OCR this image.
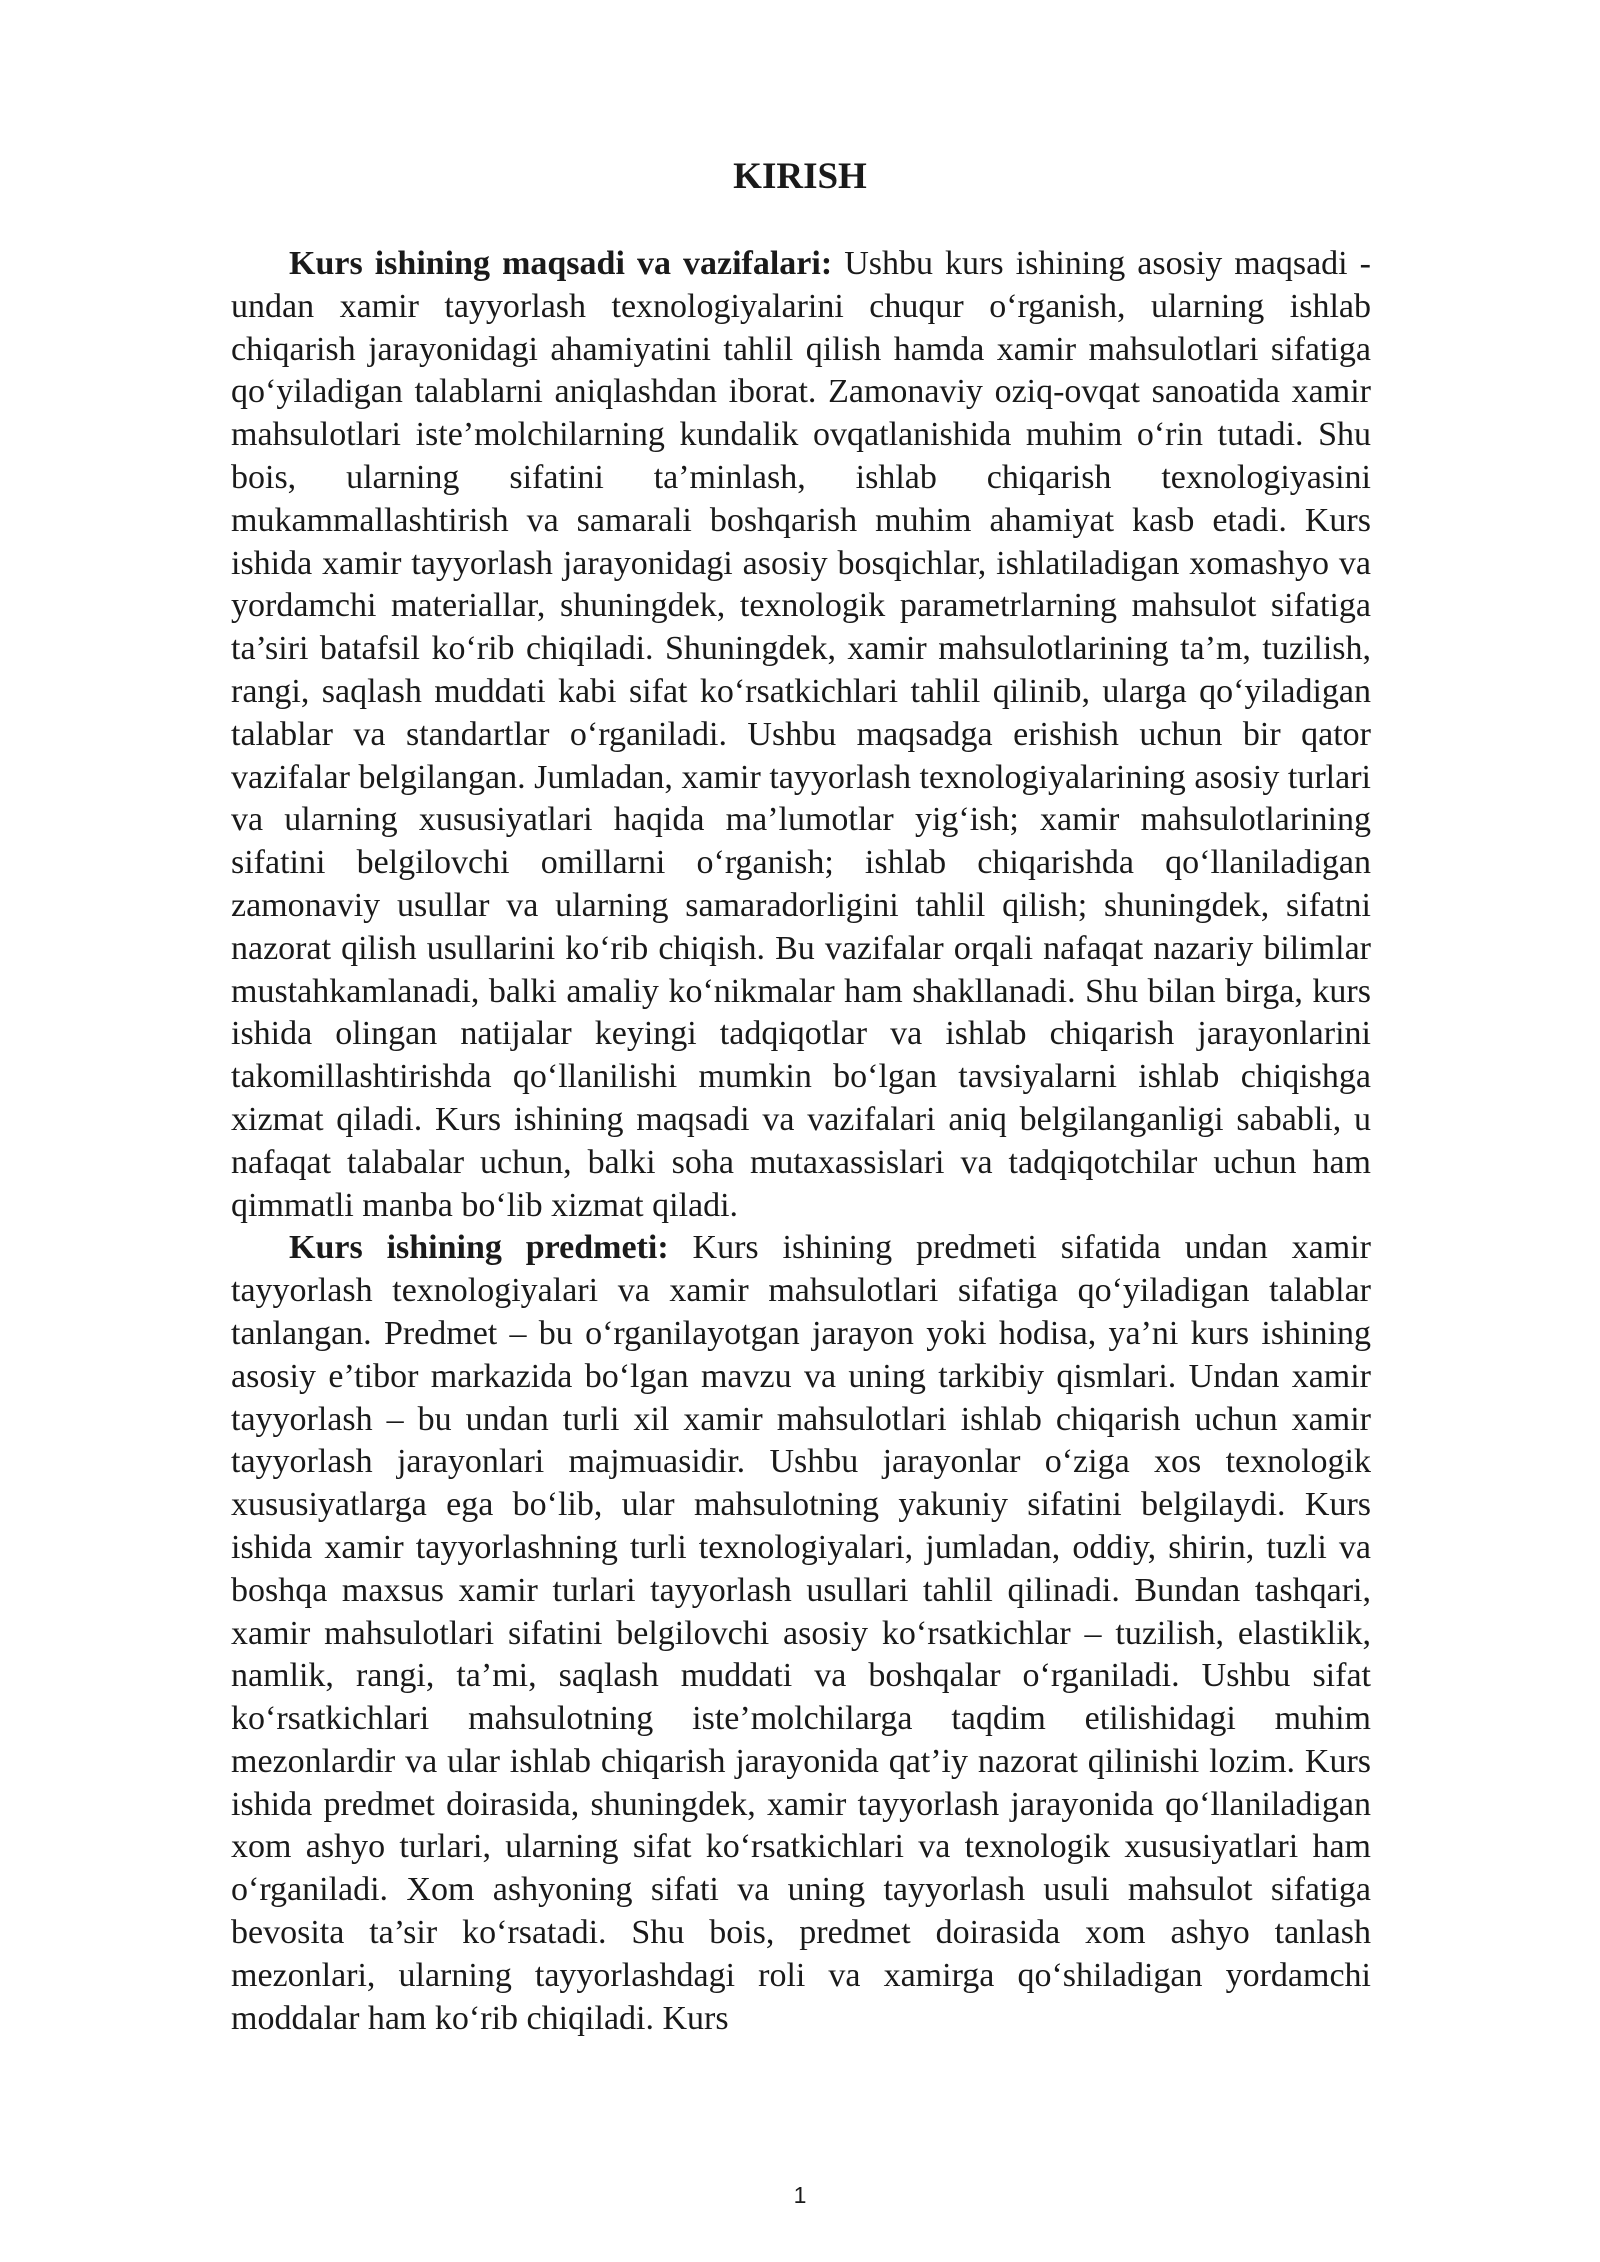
KIRISH

Kurs ishining maqsadi va vazifalari: Ushbu kurs ishining asosiy maqsadi - undan xamir tayyorlash texnologiyalarini chuqur o‘rganish, ularning ishlab chiqarish jarayonidagi ahamiyatini tahlil qilish hamda xamir mahsulotlari sifatiga qo‘yiladigan talablarni aniqlashdan iborat. Zamonaviy oziq-ovqat sanoatida xamir mahsulotlari iste’molchilarning kundalik ovqatlanishida muhim o‘rin tutadi. Shu bois, ularning sifatini ta’minlash, ishlab chiqarish texnologiyasini mukammallashtirish va samarali boshqarish muhim ahamiyat kasb etadi. Kurs ishida xamir tayyorlash jarayonidagi asosiy bosqichlar, ishlatiladigan xomashyo va yordamchi materiallar, shuningdek, texnologik parametrlarning mahsulot sifatiga ta’siri batafsil ko‘rib chiqiladi. Shuningdek, xamir mahsulotlarining ta’m, tuzilish, rangi, saqlash muddati kabi sifat ko‘rsatkichlari tahlil qilinib, ularga qo‘yiladigan talablar va standartlar o‘rganiladi. Ushbu maqsadga erishish uchun bir qator vazifalar belgilangan. Jumladan, xamir tayyorlash texnologiyalarining asosiy turlari va ularning xususiyatlari haqida ma’lumotlar yig‘ish; xamir mahsulotlarining sifatini belgilovchi omillarni o‘rganish; ishlab chiqarishda qo‘llaniladigan zamonaviy usullar va ularning samaradorligini tahlil qilish; shuningdek, sifatni nazorat qilish usullarini ko‘rib chiqish. Bu vazifalar orqali nafaqat nazariy bilimlar mustahkamlanadi, balki amaliy ko‘nikmalar ham shakllanadi. Shu bilan birga, kurs ishida olingan natijalar keyingi tadqiqotlar va ishlab chiqarish jarayonlarini takomillashtirishda qo‘llanilishi mumkin bo‘lgan tavsiyalarni ishlab chiqishga xizmat qiladi. Kurs ishining maqsadi va vazifalari aniq belgilanganligi sababli, u nafaqat talabalar uchun, balki soha mutaxassislari va tadqiqotchilar uchun ham qimmatli manba bo‘lib xizmat qiladi.

Kurs ishining predmeti: Kurs ishining predmeti sifatida undan xamir tayyorlash texnologiyalari va xamir mahsulotlari sifatiga qo‘yiladigan talablar tanlangan. Predmet – bu o‘rganilayotgan jarayon yoki hodisa, ya’ni kurs ishining asosiy e’tibor markazida bo‘lgan mavzu va uning tarkibiy qismlari. Undan xamir tayyorlash – bu undan turli xil xamir mahsulotlari ishlab chiqarish uchun xamir tayyorlash jarayonlari majmuasidir. Ushbu jarayonlar o‘ziga xos texnologik xususiyatlarga ega bo‘lib, ular mahsulotning yakuniy sifatini belgilaydi. Kurs ishida xamir tayyorlashning turli texnologiyalari, jumladan, oddiy, shirin, tuzli va boshqa maxsus xamir turlari tayyorlash usullari tahlil qilinadi. Bundan tashqari, xamir mahsulotlari sifatini belgilovchi asosiy ko‘rsatkichlar – tuzilish, elastiklik, namlik, rangi, ta’mi, saqlash muddati va boshqalar o‘rganiladi. Ushbu sifat ko‘rsatkichlari mahsulotning iste’molchilarga taqdim etilishidagi muhim mezonlardir va ular ishlab chiqarish jarayonida qat’iy nazorat qilinishi lozim. Kurs ishida predmet doirasida, shuningdek, xamir tayyorlash jarayonida qo‘llaniladigan xom ashyo turlari, ularning sifat ko‘rsatkichlari va texnologik xususiyatlari ham o‘rganiladi. Xom ashyoning sifati va uning tayyorlash usuli mahsulot sifatiga bevosita ta’sir ko‘rsatadi. Shu bois, predmet doirasida xom ashyo tanlash mezonlari, ularning tayyorlashdagi roli va xamirga qo‘shiladigan yordamchi moddalar ham ko‘rib chiqiladi. Kurs

1
